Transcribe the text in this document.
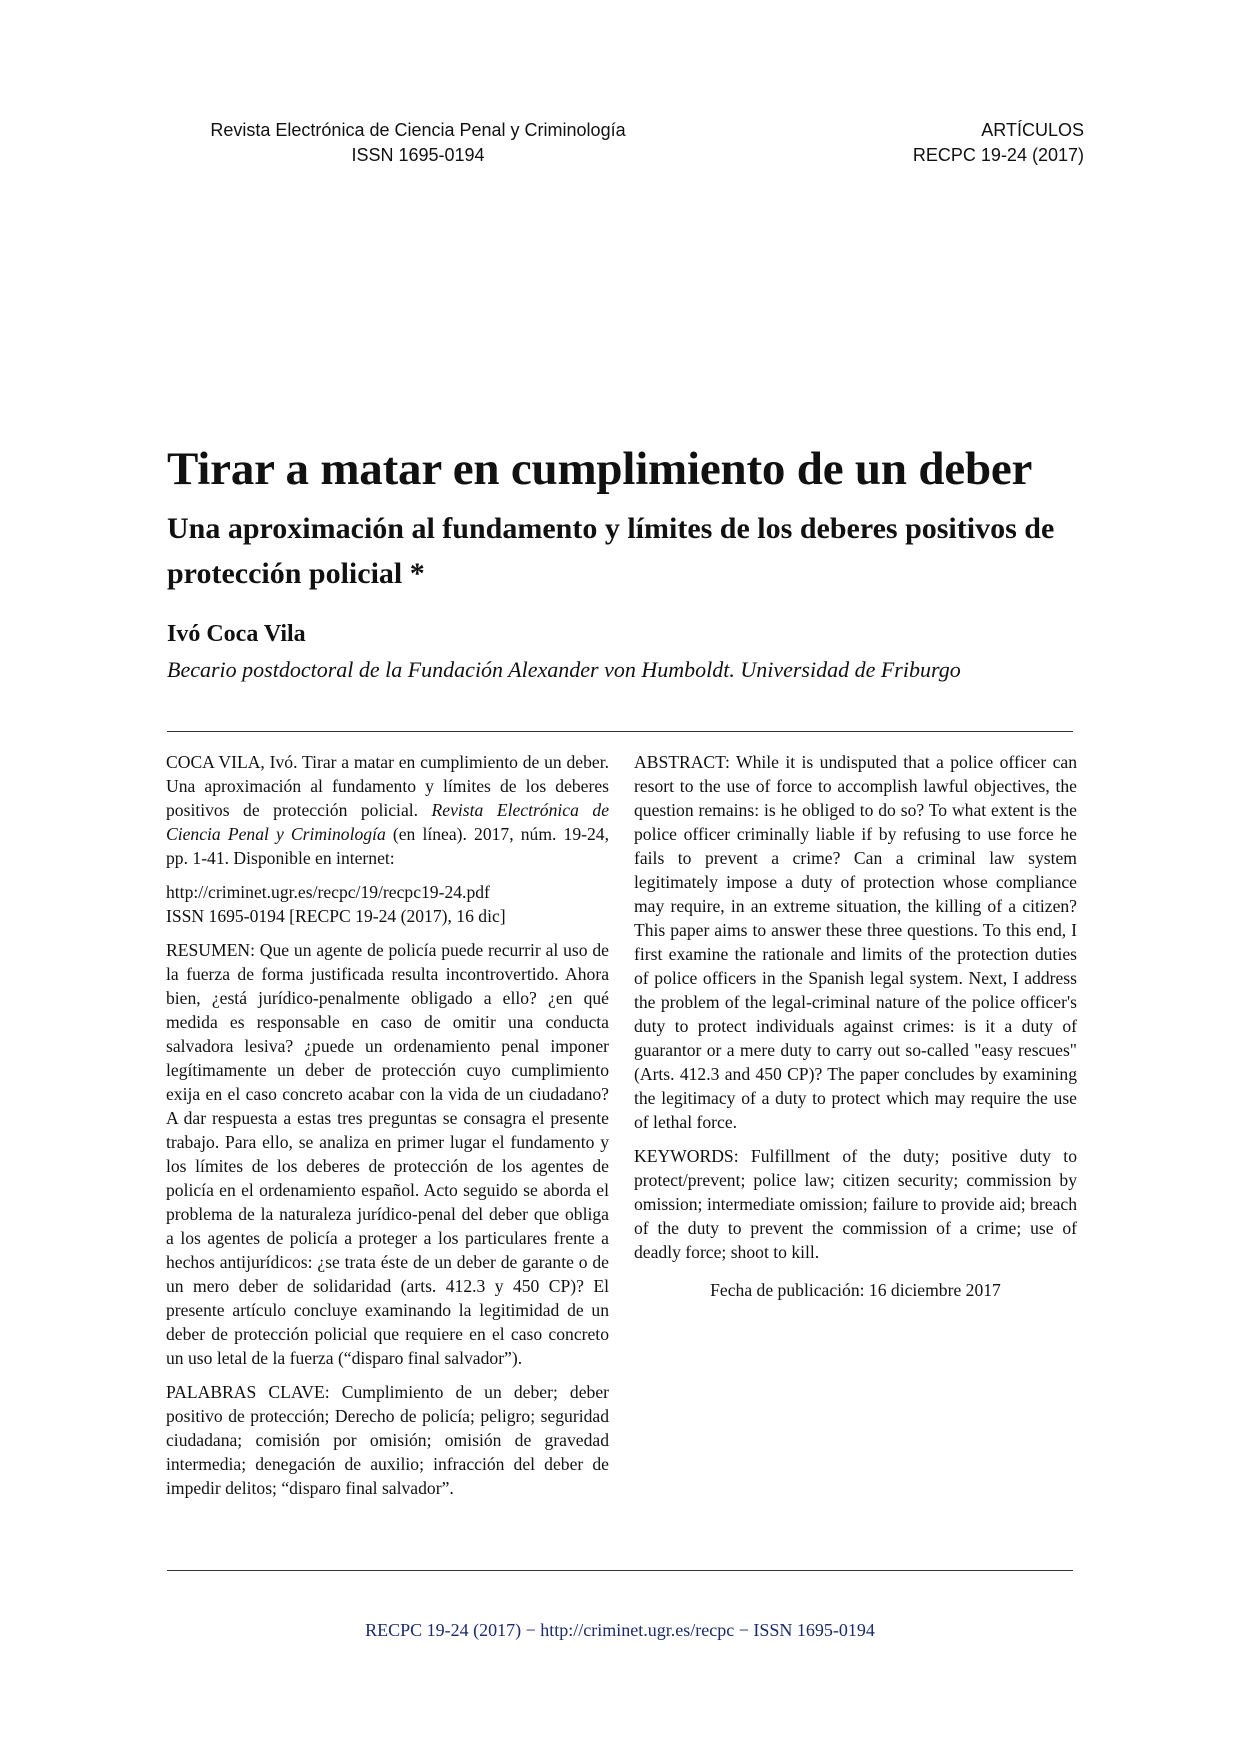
Revista Electrónica de Ciencia Penal y Criminología
ISSN 1695-0194
ARTÍCULOS
RECPC 19-24 (2017)
Tirar a matar en cumplimiento de un deber
Una aproximación al fundamento y límites de los deberes positivos de protección policial *
Ivó Coca Vila
Becario postdoctoral de la Fundación Alexander von Humboldt. Universidad de Friburgo

COCA VILA, Ivó. Tirar a matar en cumplimiento de un deber. Una aproximación al fundamento y límites de los deberes positivos de protección policial. Revista Electrónica de Ciencia Penal y Criminología (en línea). 2017, núm. 19-24, pp. 1-41. Disponible en internet:

http://criminet.ugr.es/recpc/19/recpc19-24.pdf
ISSN 1695-0194 [RECPC 19-24 (2017), 16 dic]

RESUMEN: Que un agente de policía puede recurrir al uso de la fuerza de forma justificada resulta incontrovertido. Ahora bien, ¿está jurídico-penalmente obligado a ello? ¿en qué medida es responsable en caso de omitir una conducta salvadora lesiva? ¿puede un ordenamiento penal imponer legítimamente un deber de protección cuyo cumplimiento exija en el caso concreto acabar con la vida de un ciudadano? A dar respuesta a estas tres preguntas se consagra el presente trabajo. Para ello, se analiza en primer lugar el fundamento y los límites de los deberes de protección de los agentes de policía en el ordenamiento español. Acto seguido se aborda el problema de la naturaleza jurídico-penal del deber que obliga a los agentes de policía a proteger a los particulares frente a hechos antijurídicos: ¿se trata éste de un deber de garante o de un mero deber de solidaridad (arts. 412.3 y 450 CP)? El presente artículo concluye examinando la legitimidad de un deber de protección policial que requiere en el caso concreto un uso letal de la fuerza (“disparo final salvador”).

PALABRAS CLAVE: Cumplimiento de un deber; deber positivo de protección; Derecho de policía; peligro; seguridad ciudadana; comisión por omisión; omisión de gravedad intermedia; denegación de auxilio; infracción del deber de impedir delitos; “disparo final salvador”.

ABSTRACT: While it is undisputed that a police officer can resort to the use of force to accomplish lawful objectives, the question remains: is he obliged to do so? To what extent is the police officer criminally liable if by refusing to use force he fails to prevent a crime? Can a criminal law system legitimately impose a duty of protection whose compliance may require, in an extreme situation, the killing of a citizen? This paper aims to answer these three questions. To this end, I first examine the rationale and limits of the protection duties of police officers in the Spanish legal system. Next, I address the problem of the legal-criminal nature of the police officer's duty to protect individuals against crimes: is it a duty of guarantor or a mere duty to carry out so-called "easy rescues" (Arts. 412.3 and 450 CP)? The paper concludes by examining the legitimacy of a duty to protect which may require the use of lethal force.

KEYWORDS: Fulfillment of the duty; positive duty to protect/prevent; police law; citizen security; commission by omission; intermediate omission; failure to provide aid; breach of the duty to prevent the commission of a crime; use of deadly force; shoot to kill.

Fecha de publicación: 16 diciembre 2017

RECPC 19-24 (2017) − http://criminet.ugr.es/recpc − ISSN 1695-0194
